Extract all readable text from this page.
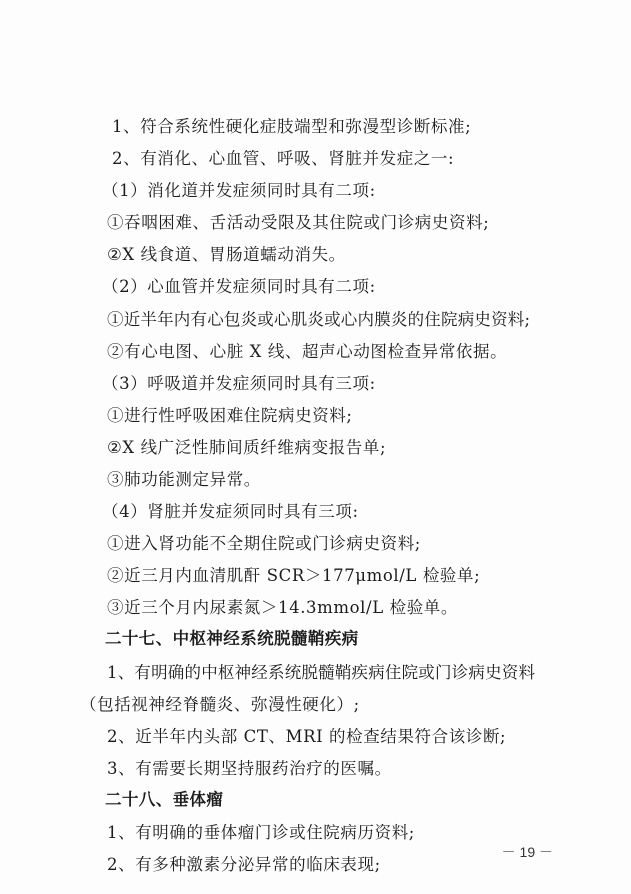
1、符合系统性硬化症肢端型和弥漫型诊断标准;
2、有消化、心血管、呼吸、肾脏并发症之一:
（1）消化道并发症须同时具有二项:
①吞咽困难、舌活动受限及其住院或门诊病史资料;
②X 线食道、胃肠道蠕动消失。
（2）心血管并发症须同时具有二项:
①近半年内有心包炎或心肌炎或心内膜炎的住院病史资料;
②有心电图、心脏 X 线、超声心动图检查异常依据。
（3）呼吸道并发症须同时具有三项:
①进行性呼吸困难住院病史资料;
②X 线广泛性肺间质纤维病变报告单;
③肺功能测定异常。
（4）肾脏并发症须同时具有三项:
①进入肾功能不全期住院或门诊病史资料;
②近三月内血清肌酐 SCR＞177μmol/L 检验单;
③近三个月内尿素氮＞14.3mmol/L 检验单。
二十七、中枢神经系统脱髓鞘疾病
1、有明确的中枢神经系统脱髓鞘疾病住院或门诊病史资料
（包括视神经脊髓炎、弥漫性硬化）;
2、近半年内头部 CT、MRI 的检查结果符合该诊断;
3、有需要长期坚持服药治疗的医嘱。
二十八、垂体瘤
1、有明确的垂体瘤门诊或住院病历资料;
2、有多种激素分泌异常的临床表现;
－ 19 －
